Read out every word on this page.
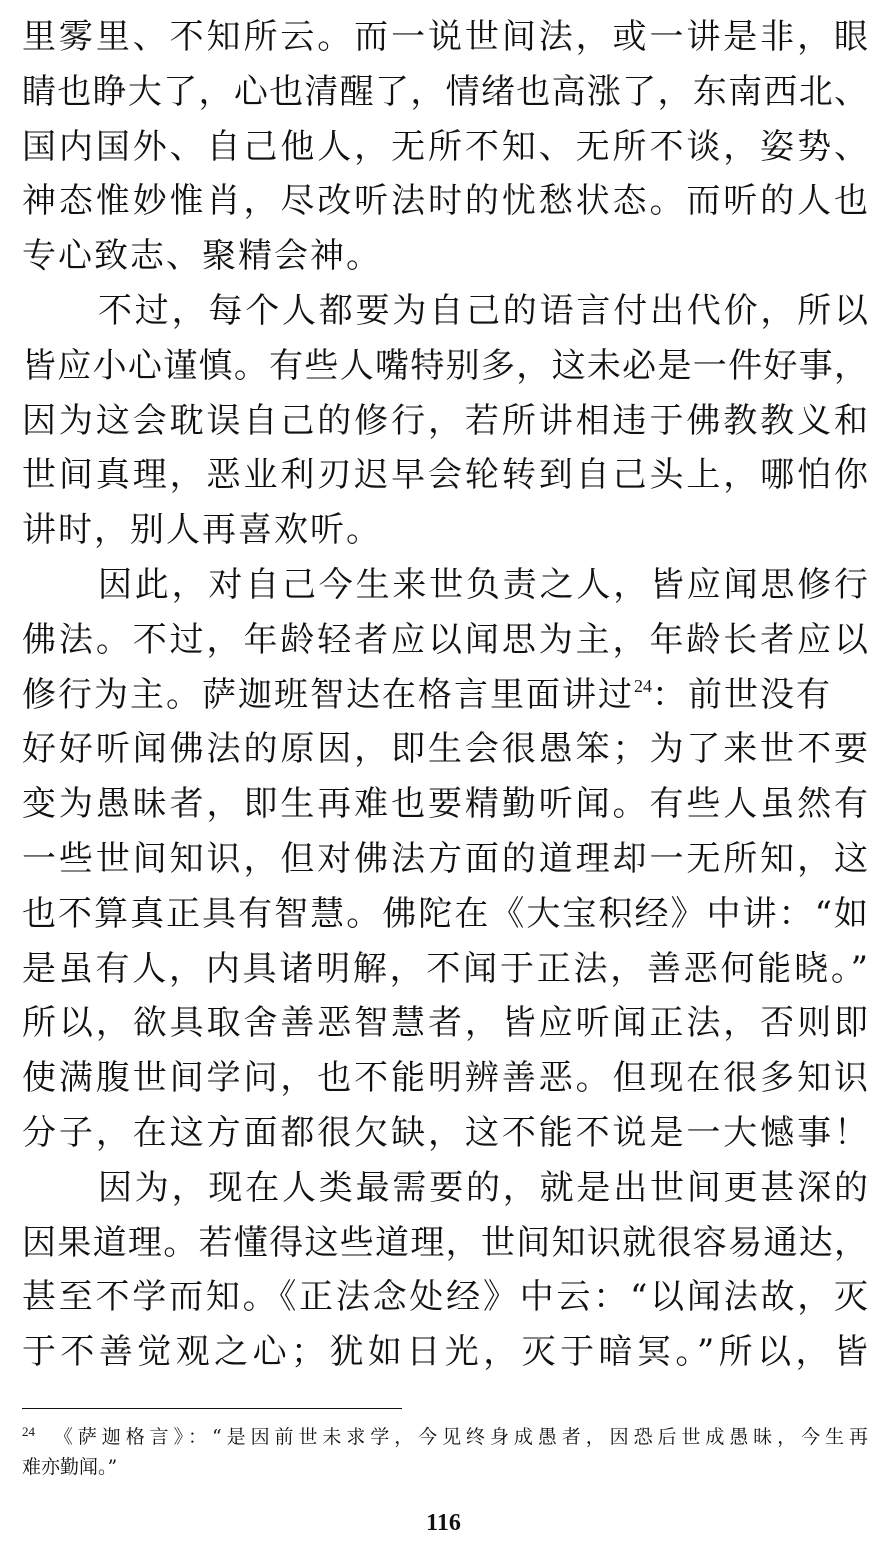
里雾里、不知所云。而一说世间法，或一讲是非，眼
睛也睁大了，心也清醒了，情绪也高涨了，东南西北、
国内国外、自己他人，无所不知、无所不谈，姿势、
神态惟妙惟肖，尽改听法时的忧愁状态。而听的人也
专心致志、聚精会神。
不过，每个人都要为自己的语言付出代价，所以
皆应小心谨慎。有些人嘴特别多，这未必是一件好事，
因为这会耽误自己的修行，若所讲相违于佛教教义和
世间真理，恶业利刃迟早会轮转到自己头上，哪怕你
讲时，别人再喜欢听。
因此，对自己今生来世负责之人，皆应闻思修行
佛法。不过，年龄轻者应以闻思为主，年龄长者应以
修行为主。萨迦班智达在格言里面讲过$^{24}$：前世没有
好好听闻佛法的原因，即生会很愚笨；为了来世不要
变为愚昧者，即生再难也要精勤听闻。有些人虽然有
一些世间知识，但对佛法方面的道理却一无所知，这
也不算真正具有智慧。佛陀在《大宝积经》中讲：“如
是虽有人，内具诸明解，不闻于正法，善恶何能晓。”
所以，欲具取舍善恶智慧者，皆应听闻正法，否则即
使满腹世间学问，也不能明辨善恶。但现在很多知识
分子，在这方面都很欠缺，这不能不说是一大憾事！
因为，现在人类最需要的，就是出世间更甚深的
因果道理。若懂得这些道理，世间知识就很容易通达，
甚至不学而知。《正法念处经》中云：“以闻法故，灭
于不善觉观之心；犹如日光，灭于暗冥。”所以，皆
$^{24}$ 《萨迦格言》：“是因前世未求学，今见终身成愚者，因恐后世成愚昧，今生再
难亦勤闻。”
116
